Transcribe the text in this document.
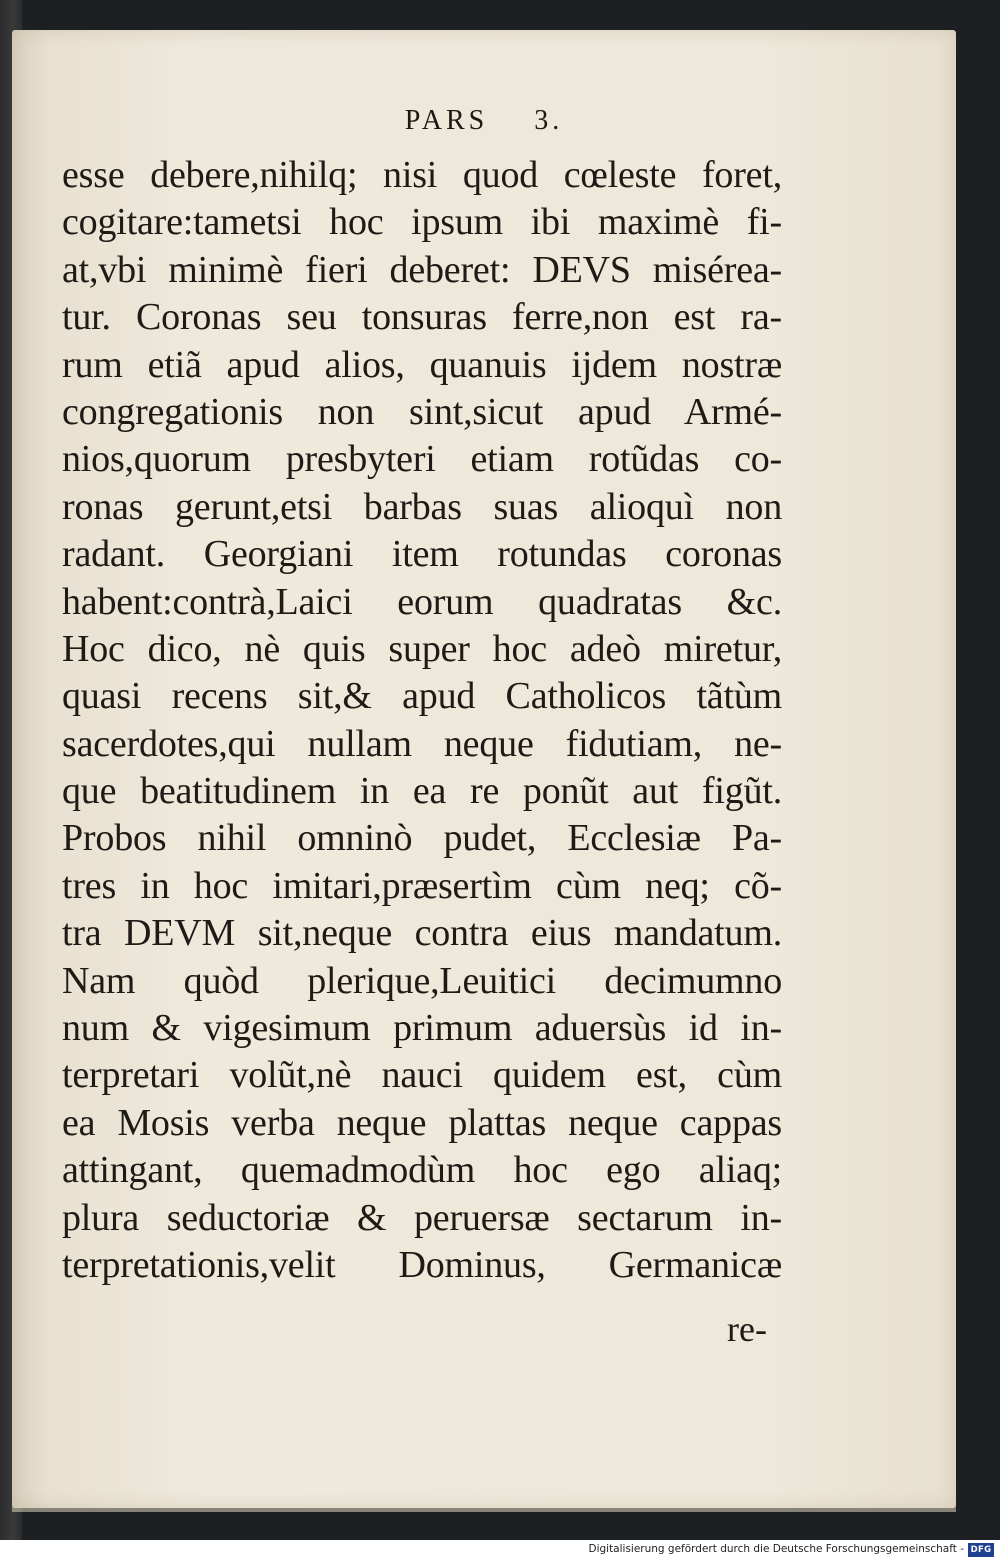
PARS 3.
esse debere,nihilq; nisi quod cœleste foret,
cogitare:tametsi hoc ipsum ibi maximè fi-
at,vbi minimè fieri deberet: DEVS misérea-
tur. Coronas seu tonsuras ferre,non est ra-
rum etiã apud alios, quanuis ijdem nostræ
congregationis non sint,sicut apud Armé-
nios,quorum presbyteri etiam rotũdas co-
ronas gerunt,etsi barbas suas alioquì non
radant. Georgiani item rotundas coronas
habent:contrà,Laici eorum quadratas &c.
Hoc dico, nè quis super hoc adeò miretur,
quasi recens sit,& apud Catholicos tãtùm
sacerdotes,qui nullam neque fidutiam, ne-
que beatitudinem in ea re ponũt aut figũt.
Probos nihil omninò pudet, Ecclesiæ Pa-
tres in hoc imitari,præsertìm cùm neq; cõ-
tra DEVM sit,neque contra eius mandatum.
Nam quòd plerique,Leuitici decimumno
num & vigesimum primum aduersùs id in-
terpretari volũt,nè nauci quidem est, cùm
ea Mosis verba neque plattas neque cappas
attingant, quemadmodùm hoc ego aliaq;
plura seductoriæ & peruersæ sectarum in-
terpretationis,velit Dominus, Germanicæ
re-
Digitalisierung gefördert durch die Deutsche Forschungsgemeinschaft - DFG
